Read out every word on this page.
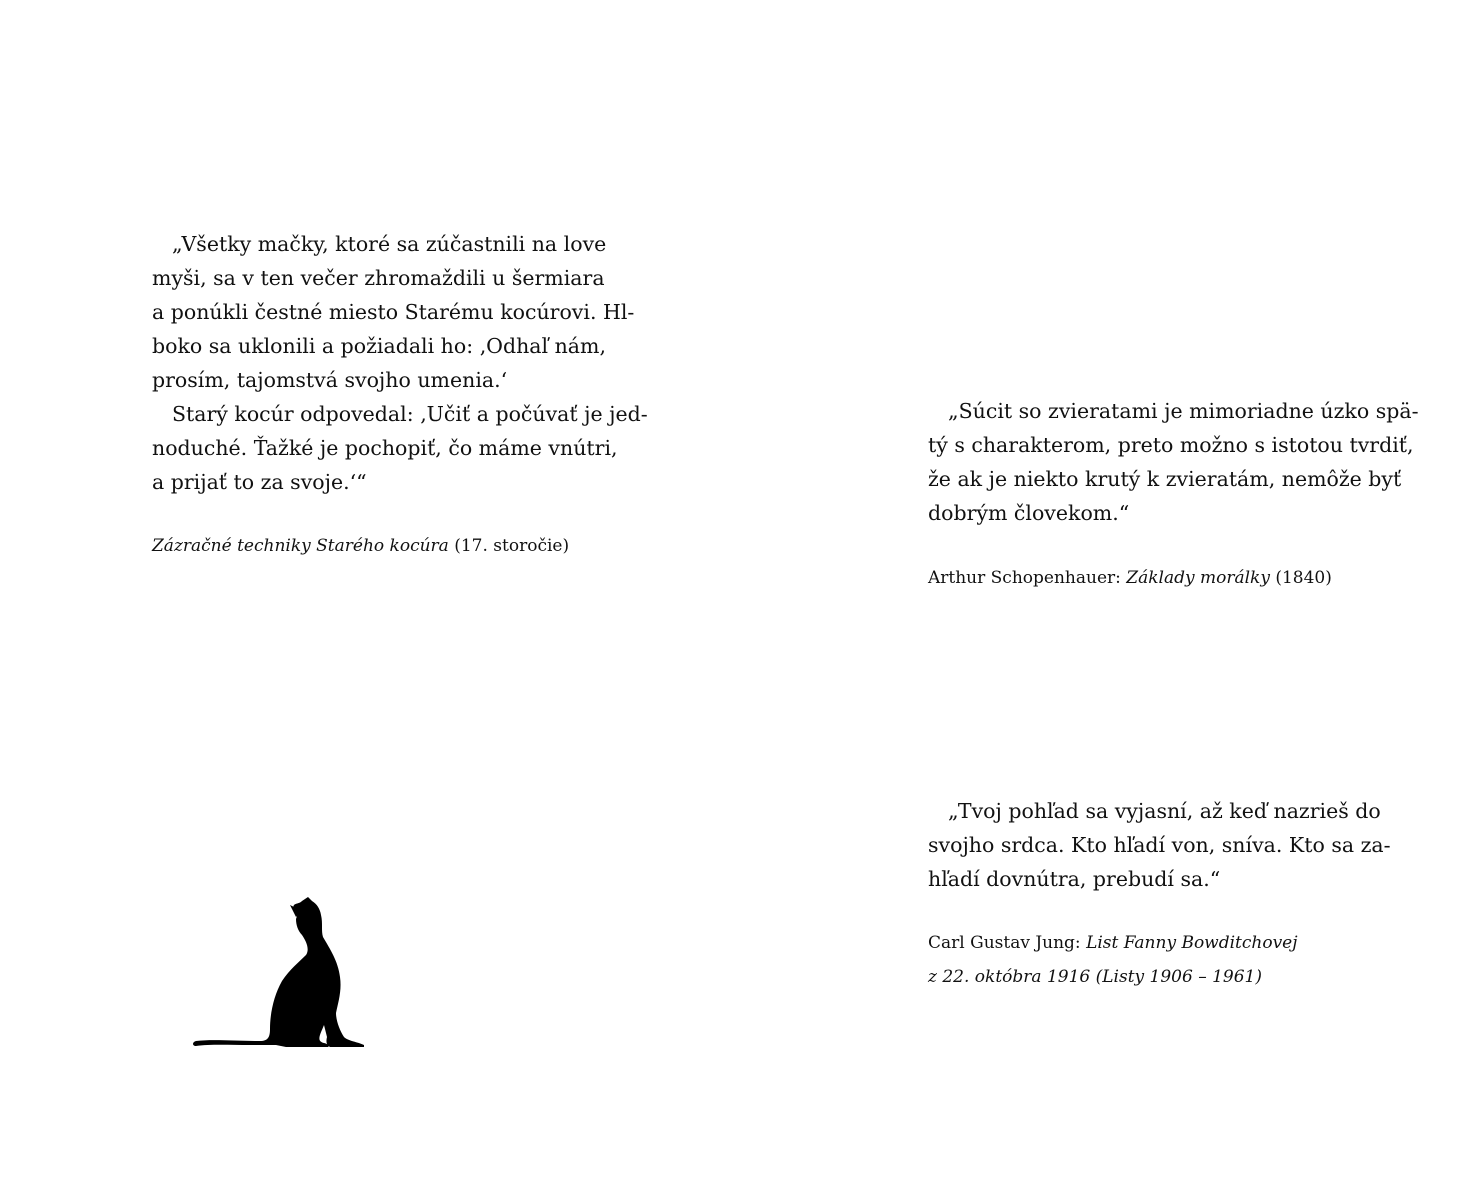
„Všetky mačky, ktoré sa zúčastnili na love
myši, sa v ten večer zhromaždili u šermiara
a ponúkli čestné miesto Starému kocúrovi. Hl-
boko sa uklonili a požiadali ho: ‚Odhaľ nám,
prosím, tajomstvá svojho umenia.‘
Starý kocúr odpovedal: ‚Učiť a počúvať je jed-
noduché. Ťažké je pochopiť, čo máme vnútri,
a prijať to za svoje.‘“
Zázračné techniky Starého kocúra (17. storočie)
„Súcit so zvieratami je mimoriadne úzko spä-
tý s charakterom, preto možno s istotou tvrdiť,
že ak je niekto krutý k zvieratám, nemôže byť
dobrým človekom.“
Arthur Schopenhauer: Základy morálky (1840)
„Tvoj pohľad sa vyjasní, až keď nazrieš do
svojho srdca. Kto hľadí von, sníva. Kto sa za-
hľadí dovnútra, prebudí sa.“
Carl Gustav Jung: List Fanny Bowditchovej
z 22. októbra 1916 (Listy 1906 – 1961)
